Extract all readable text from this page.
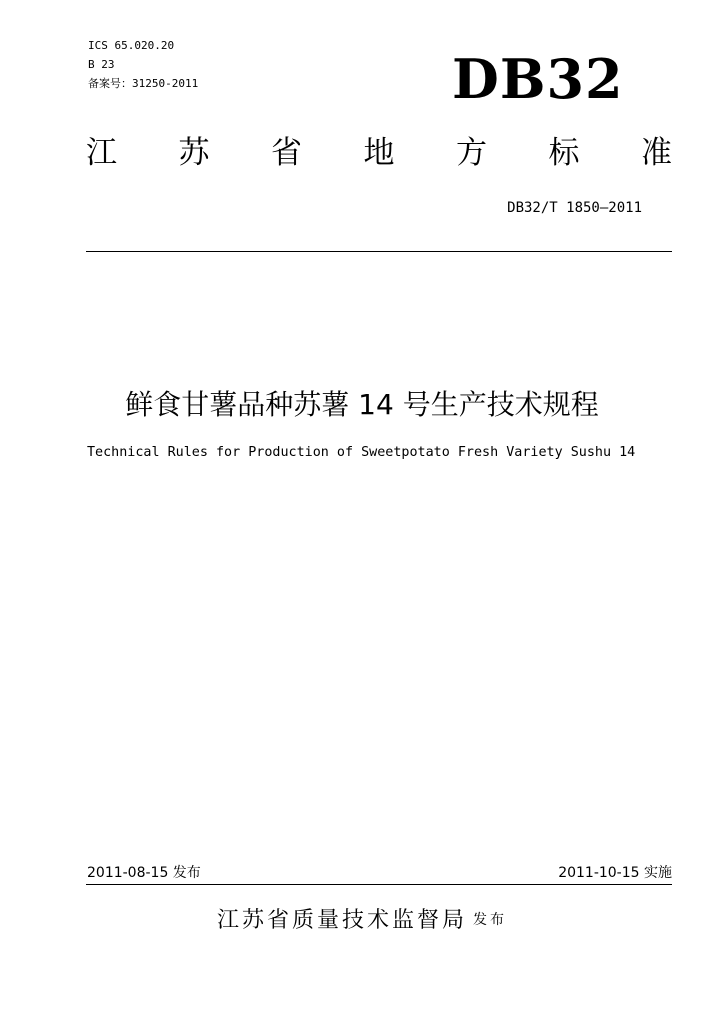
ICS 65.020.20
B 23
备案号：31250-2011	DB32
江 苏 省 地 方 标 准
DB32/T 1850—2011
鲜食甘薯品种苏薯 14 号生产技术规程
Technical Rules for Production of Sweetpotato Fresh Variety Sushu 14
2011-08-15 发布	2011-10-15 实施
江苏省质量技术监督局 发布
